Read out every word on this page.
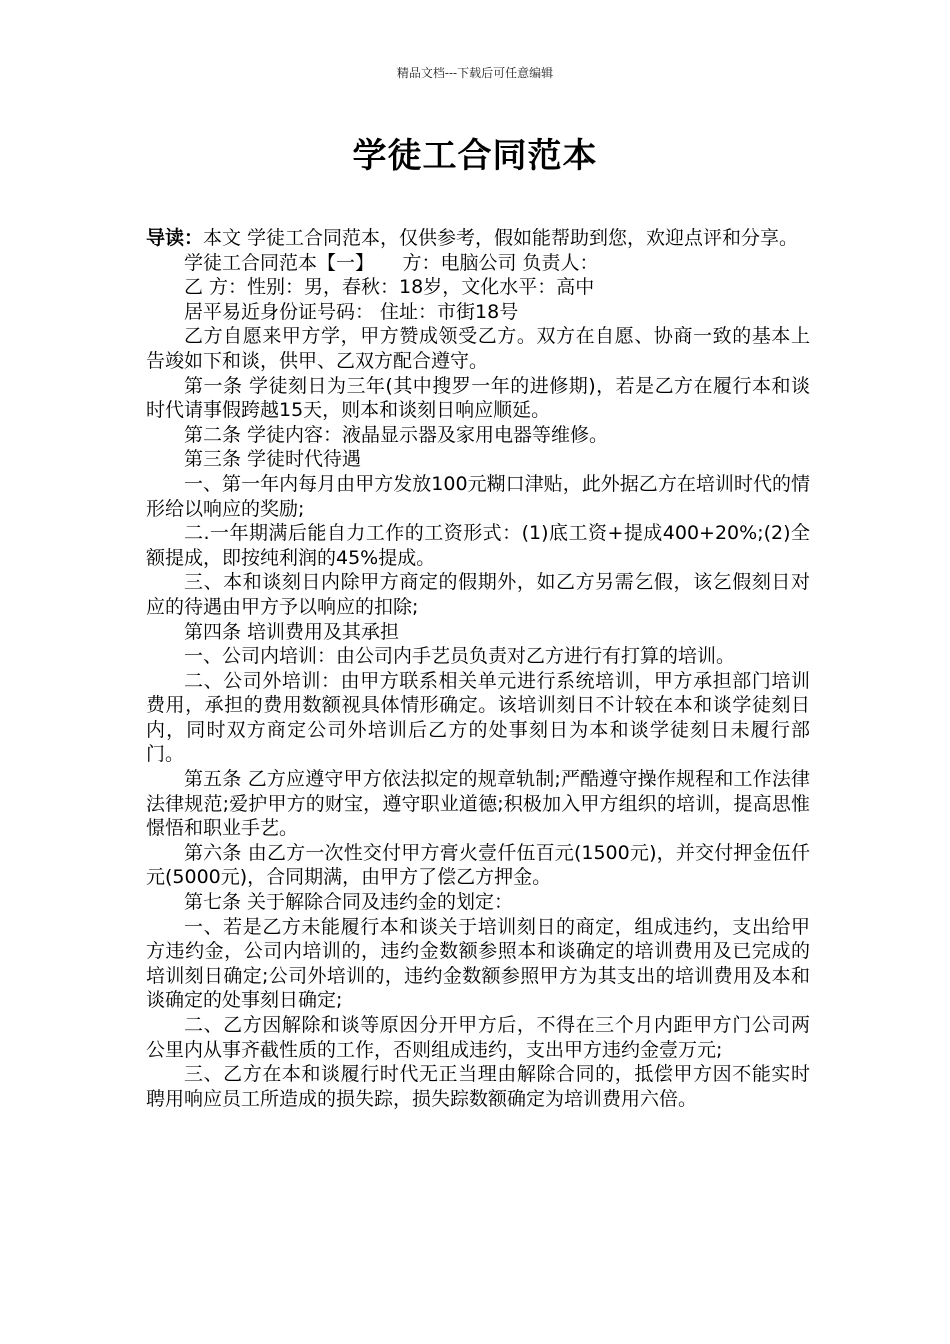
精品文档---下载后可任意编辑
学徒工合同范本

导读：本文 学徒工合同范本，仅供参考，假如能帮助到您，欢迎点评和分享。

学徒工合同范本【一】　　方：电脑公司 负责人：

乙 方：性别：男，春秋：18岁，文化水平：高中

居平易近身份证号码： 住址：市街18号

乙方自愿来甲方学，甲方赞成领受乙方。双方在自愿、协商一致的基本上告竣如下和谈，供甲、乙双方配合遵守。

第一条 学徒刻日为三年(其中搜罗一年的进修期)，若是乙方在履行本和谈时代请事假跨越15天，则本和谈刻日响应顺延。

第二条 学徒内容：液晶显示器及家用电器等维修。

第三条 学徒时代待遇

一、第一年内每月由甲方发放100元糊口津贴，此外据乙方在培训时代的情形给以响应的奖励;

二.一年期满后能自力工作的工资形式：(1)底工资+提成400+20%;(2)全额提成，即按纯利润的45%提成。

三、本和谈刻日内除甲方商定的假期外，如乙方另需乞假，该乞假刻日对应的待遇由甲方予以响应的扣除;

第四条 培训费用及其承担

一、公司内培训：由公司内手艺员负责对乙方进行有打算的培训。

二、公司外培训：由甲方联系相关单元进行系统培训，甲方承担部门培训费用，承担的费用数额视具体情形确定。该培训刻日不计较在本和谈学徒刻日内，同时双方商定公司外培训后乙方的处事刻日为本和谈学徒刻日未履行部门。

第五条 乙方应遵守甲方依法拟定的规章轨制;严酷遵守操作规程和工作法律法律规范;爱护甲方的财宝，遵守职业道德;积极加入甲方组织的培训，提高思惟憬悟和职业手艺。

第六条 由乙方一次性交付甲方膏火壹仟伍百元(1500元)，并交付押金伍仟元(5000元)，合同期满，由甲方了偿乙方押金。

第七条 关于解除合同及违约金的划定：

一、若是乙方未能履行本和谈关于培训刻日的商定，组成违约，支出给甲方违约金，公司内培训的，违约金数额参照本和谈确定的培训费用及已完成的培训刻日确定;公司外培训的，违约金数额参照甲方为其支出的培训费用及本和谈确定的处事刻日确定;

二、乙方因解除和谈等原因分开甲方后，不得在三个月内距甲方门公司两公里内从事齐截性质的工作，否则组成违约，支出甲方违约金壹万元;

三、乙方在本和谈履行时代无正当理由解除合同的，抵偿甲方因不能实时聘用响应员工所造成的损失踪，损失踪数额确定为培训费用六倍。
